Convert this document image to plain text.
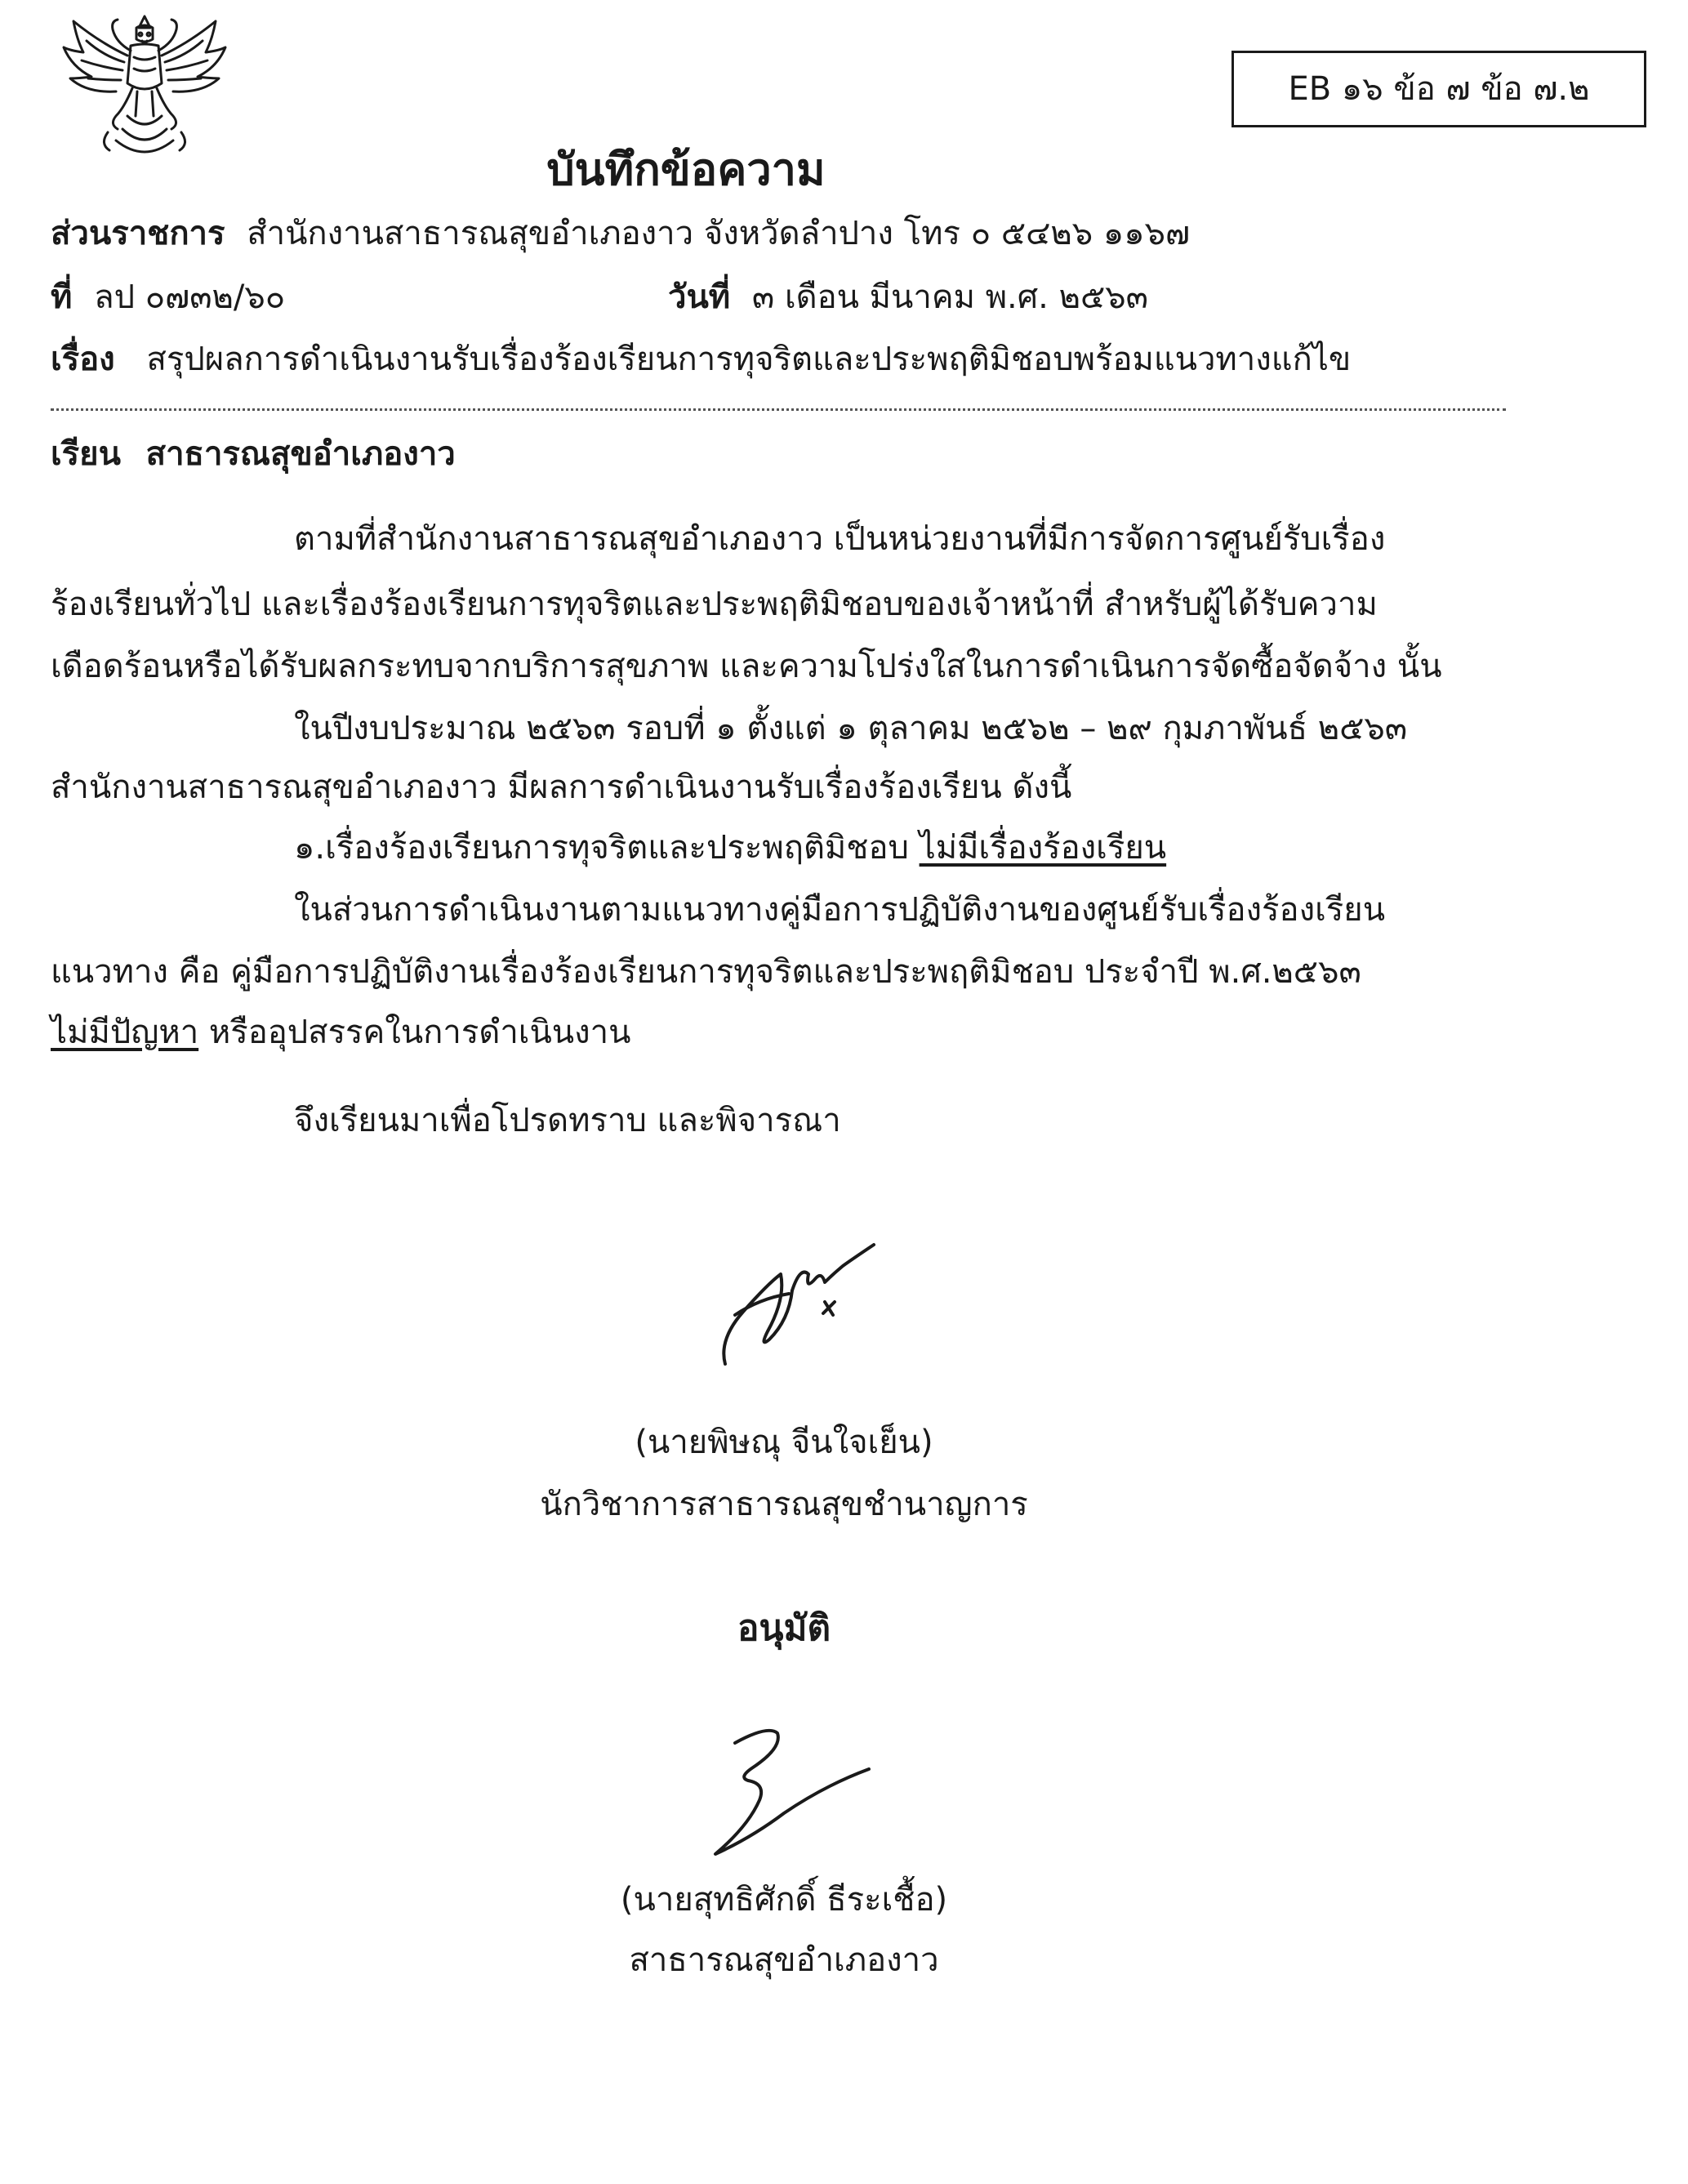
EB ๑๖ ข้อ ๗ ข้อ ๗.๒
บันทึกข้อความ
ส่วนราชการ สำนักงานสาธารณสุขอำเภองาว จังหวัดลำปาง โทร ๐ ๕๔๒๖ ๑๑๖๗
ที่ ลป ๐๗๓๒/๖๐	วันที่ ๓ เดือน มีนาคม พ.ศ. ๒๕๖๓
เรื่อง สรุปผลการดำเนินงานรับเรื่องร้องเรียนการทุจริตและประพฤติมิชอบพร้อมแนวทางแก้ไข
เรียน สาธารณสุขอำเภองาว
ตามที่สำนักงานสาธารณสุขอำเภองาว เป็นหน่วยงานที่มีการจัดการศูนย์รับเรื่อง
ร้องเรียนทั่วไป และเรื่องร้องเรียนการทุจริตและประพฤติมิชอบของเจ้าหน้าที่ สำหรับผู้ได้รับความ
เดือดร้อนหรือได้รับผลกระทบจากบริการสุขภาพ และความโปร่งใสในการดำเนินการจัดซื้อจัดจ้าง นั้น
ในปีงบประมาณ ๒๕๖๓ รอบที่ ๑ ตั้งแต่ ๑ ตุลาคม ๒๕๖๒ – ๒๙ กุมภาพันธ์ ๒๕๖๓
สำนักงานสาธารณสุขอำเภองาว มีผลการดำเนินงานรับเรื่องร้องเรียน ดังนี้
๑.เรื่องร้องเรียนการทุจริตและประพฤติมิชอบ ไม่มีเรื่องร้องเรียน
ในส่วนการดำเนินงานตามแนวทางคู่มือการปฏิบัติงานของศูนย์รับเรื่องร้องเรียน
แนวทาง คือ คู่มือการปฏิบัติงานเรื่องร้องเรียนการทุจริตและประพฤติมิชอบ ประจำปี พ.ศ.๒๕๖๓
ไม่มีปัญหา หรืออุปสรรคในการดำเนินงาน
จึงเรียนมาเพื่อโปรดทราบ และพิจารณา
(นายพิษณุ จีนใจเย็น)
นักวิชาการสาธารณสุขชำนาญการ
อนุมัติ
(นายสุทธิศักดิ์ ธีระเชื้อ)
สาธารณสุขอำเภองาว
